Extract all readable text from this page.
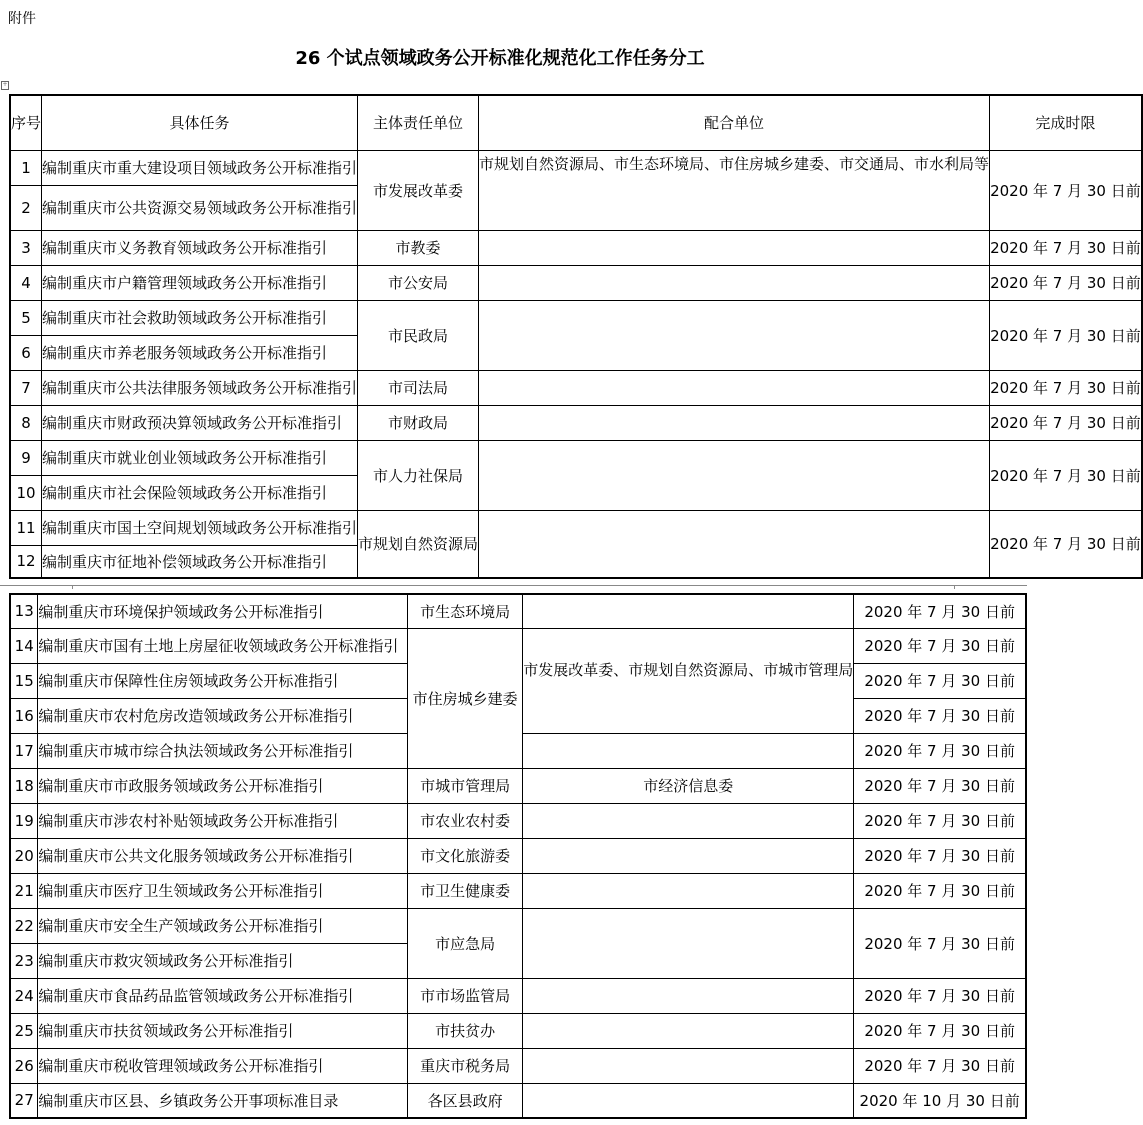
附件
26 个试点领域政务公开标准化规范化工作任务分工
+
序号	具体任务	主体责任单位	配合单位	完成时限
1	编制重庆市重大建设项目领域政务公开标准指引	市发展改革委	市规划自然资源局、市生态环境局、市住房城乡建委、市交通局、市水利局等	2020 年 7 月 30 日前
2	编制重庆市公共资源交易领域政务公开标准指引			
3	编制重庆市义务教育领域政务公开标准指引	市教委		2020 年 7 月 30 日前
4	编制重庆市户籍管理领域政务公开标准指引	市公安局		2020 年 7 月 30 日前
5	编制重庆市社会救助领域政务公开标准指引	市民政局		2020 年 7 月 30 日前
6	编制重庆市养老服务领域政务公开标准指引			
7	编制重庆市公共法律服务领域政务公开标准指引	市司法局		2020 年 7 月 30 日前
8	编制重庆市财政预决算领域政务公开标准指引	市财政局		2020 年 7 月 30 日前
9	编制重庆市就业创业领域政务公开标准指引	市人力社保局		2020 年 7 月 30 日前
10	编制重庆市社会保险领域政务公开标准指引			
11	编制重庆市国土空间规划领域政务公开标准指引	市规划自然资源局		2020 年 7 月 30 日前
12	编制重庆市征地补偿领域政务公开标准指引			
13	编制重庆市环境保护领域政务公开标准指引	市生态环境局		2020 年 7 月 30 日前
14	编制重庆市国有土地上房屋征收领域政务公开标准指引	市住房城乡建委	市发展改革委、市规划自然资源局、市城市管理局	2020 年 7 月 30 日前
15	编制重庆市保障性住房领域政务公开标准指引			2020 年 7 月 30 日前
16	编制重庆市农村危房改造领域政务公开标准指引			2020 年 7 月 30 日前
17	编制重庆市城市综合执法领域政务公开标准指引			2020 年 7 月 30 日前
18	编制重庆市市政服务领域政务公开标准指引	市城市管理局	市经济信息委	2020 年 7 月 30 日前
19	编制重庆市涉农村补贴领域政务公开标准指引	市农业农村委		2020 年 7 月 30 日前
20	编制重庆市公共文化服务领域政务公开标准指引	市文化旅游委		2020 年 7 月 30 日前
21	编制重庆市医疗卫生领域政务公开标准指引	市卫生健康委		2020 年 7 月 30 日前
22	编制重庆市安全生产领域政务公开标准指引	市应急局		2020 年 7 月 30 日前
23	编制重庆市救灾领域政务公开标准指引			
24	编制重庆市食品药品监管领域政务公开标准指引	市市场监管局		2020 年 7 月 30 日前
25	编制重庆市扶贫领域政务公开标准指引	市扶贫办		2020 年 7 月 30 日前
26	编制重庆市税收管理领域政务公开标准指引	重庆市税务局		2020 年 7 月 30 日前
27	编制重庆市区县、乡镇政务公开事项标准目录	各区县政府		2020 年 10 月 30 日前
